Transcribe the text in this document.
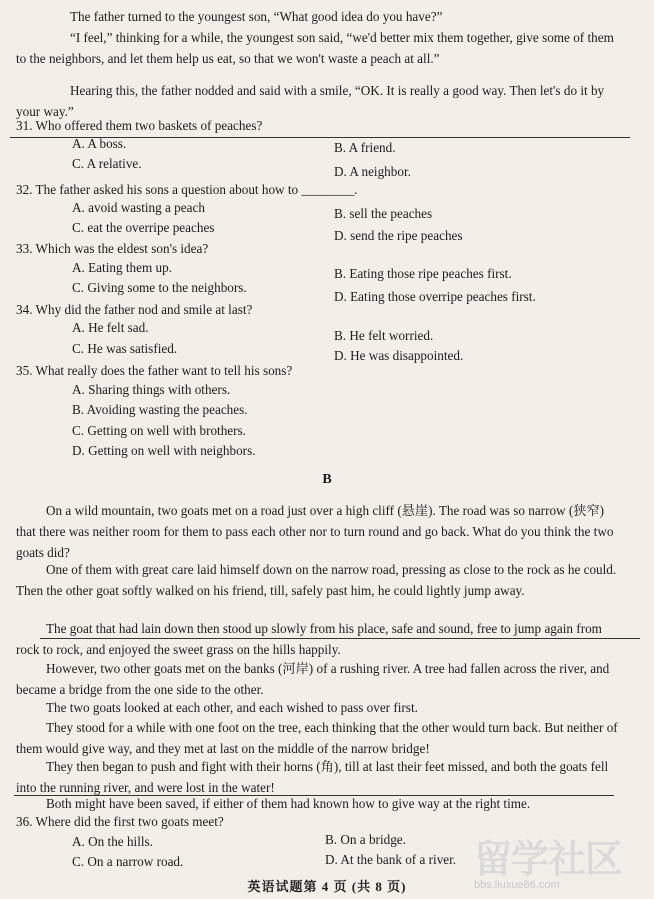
The father turned to the youngest son, “What good idea do you have?”

“I feel,” thinking for a while, the youngest son said, “we'd better mix them together, give some of them to the neighbors, and let them help us eat, so that we won't waste a peach at all.”

Hearing this, the father nodded and said with a smile, “OK. It is really a good way. Then let's do it by your way.”

31. Who offered them two baskets of peaches?

A. A boss.	B. A friend.

C. A relative.

D. A neighbor.

32. The father asked his sons a question about how to ________.

A. avoid wasting a peach	B. sell the peaches

C. eat the overripe peaches

D. send the ripe peaches

33. Which was the eldest son's idea?

A. Eating them up.	B. Eating those ripe peaches first.

C. Giving some to the neighbors.

D. Eating those overripe peaches first.

34. Why did the father nod and smile at last?

A. He felt sad.

B. He felt worried.

C. He was satisfied.	D. He was disappointed.

35. What really does the father want to tell his sons?

A. Sharing things with others.

B. Avoiding wasting the peaches.

C. Getting on well with brothers.

D. Getting on well with neighbors.

B

On a wild mountain, two goats met on a road just over a high cliff (悬崖). The road was so narrow (狭窄) that there was neither room for them to pass each other nor to turn round and go back. What do you think the two goats did?

One of them with great care laid himself down on the narrow road, pressing as close to the rock as he could. Then the other goat softly walked on his friend, till, safely past him, he could lightly jump away.

The goat that had lain down then stood up slowly from his place, safe and sound, free to jump again from rock to rock, and enjoyed the sweet grass on the hills happily.

However, two other goats met on the banks (河岸) of a rushing river. A tree had fallen across the river, and became a bridge from the one side to the other.

The two goats looked at each other, and each wished to pass over first.

They stood for a while with one foot on the tree, each thinking that the other would turn back. But neither of them would give way, and they met at last on the middle of the narrow bridge!

They then began to push and fight with their horns (角), till at last their feet missed, and both the goats fell into the running river, and were lost in the water!

Both might have been saved, if either of them had known how to give way at the right time.

36. Where did the first two goats meet?

A. On the hills.	B. On a bridge.

C. On a narrow road.	D. At the bank of a river.

英语试题第 4 页 (共 8 页)

留学社区
bbs.liuxue86.com
